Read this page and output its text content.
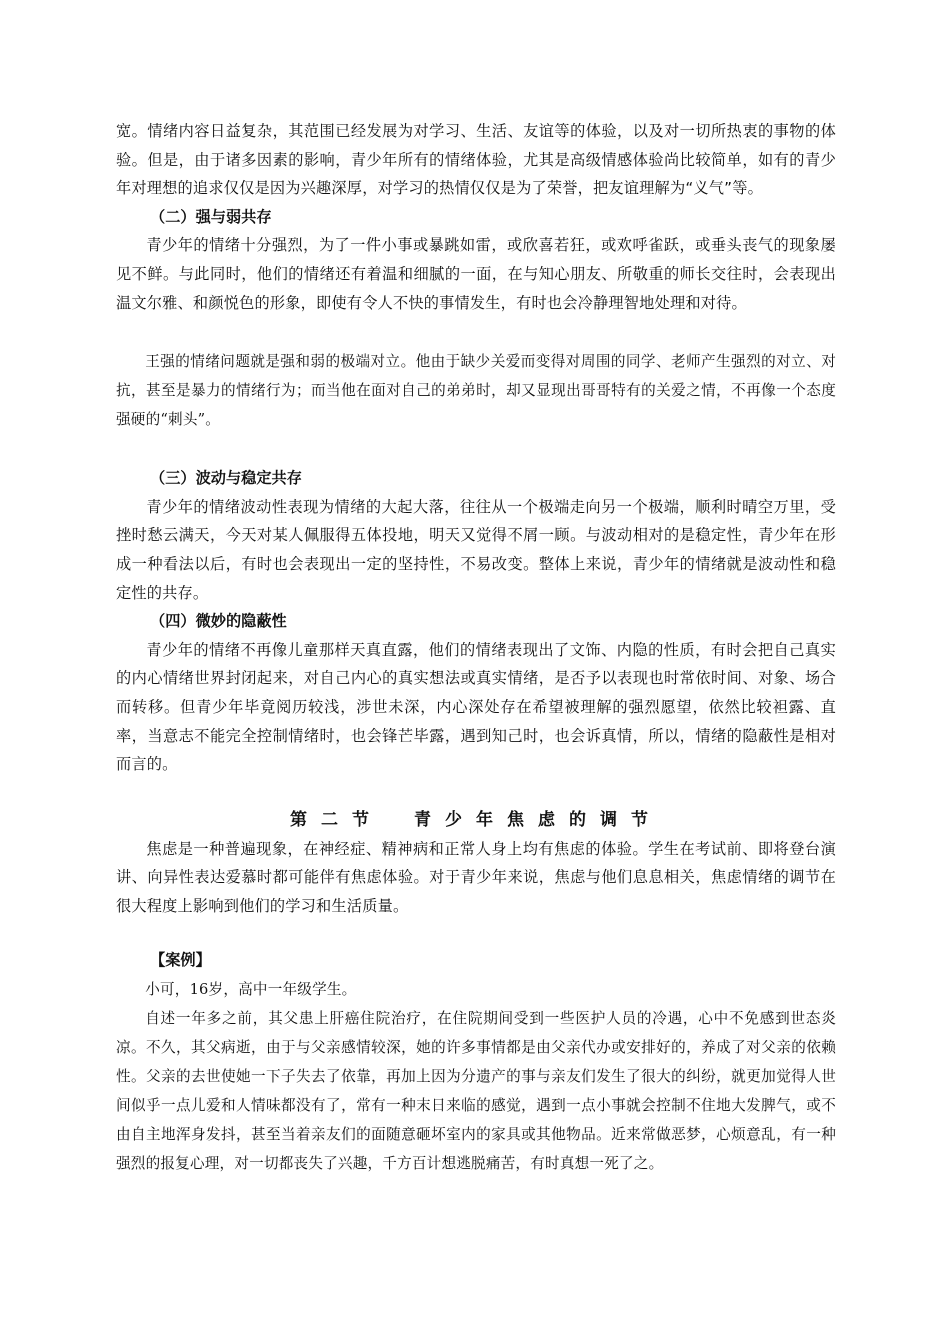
宽。情绪内容日益复杂，其范围已经发展为对学习、生活、友谊等的体验，以及对一切所热衷的事物的体验。但是，由于诸多因素的影响，青少年所有的情绪体验，尤其是高级情感体验尚比较简单，如有的青少年对理想的追求仅仅是因为兴趣深厚，对学习的热情仅仅是为了荣誉，把友谊理解为“义气”等。

（二）强与弱共存

青少年的情绪十分强烈，为了一件小事或暴跳如雷，或欣喜若狂，或欢呼雀跃，或垂头丧气的现象屡见不鲜。与此同时，他们的情绪还有着温和细腻的一面，在与知心朋友、所敬重的师长交往时，会表现出温文尔雅、和颜悦色的形象，即使有令人不快的事情发生，有时也会冷静理智地处理和对待。

王强的情绪问题就是强和弱的极端对立。他由于缺少关爱而变得对周围的同学、老师产生强烈的对立、对抗，甚至是暴力的情绪行为；而当他在面对自己的弟弟时，却又显现出哥哥特有的关爱之情，不再像一个态度强硬的“刺头”。

（三）波动与稳定共存

青少年的情绪波动性表现为情绪的大起大落，往往从一个极端走向另一个极端，顺利时晴空万里，受挫时愁云满天，今天对某人佩服得五体投地，明天又觉得不屑一顾。与波动相对的是稳定性，青少年在形成一种看法以后，有时也会表现出一定的坚持性，不易改变。整体上来说，青少年的情绪就是波动性和稳定性的共存。

（四）微妙的隐蔽性

青少年的情绪不再像儿童那样天真直露，他们的情绪表现出了文饰、内隐的性质，有时会把自己真实的内心情绪世界封闭起来，对自己内心的真实想法或真实情绪，是否予以表现也时常依时间、对象、场合而转移。但青少年毕竟阅历较浅，涉世未深，内心深处存在希望被理解的强烈愿望，依然比较袒露、直率，当意志不能完全控制情绪时，也会锋芒毕露，遇到知己时，也会诉真情，所以，情绪的隐蔽性是相对而言的。

第二节　青少年焦虑的调节

焦虑是一种普遍现象，在神经症、精神病和正常人身上均有焦虑的体验。学生在考试前、即将登台演讲、向异性表达爱慕时都可能伴有焦虑体验。对于青少年来说，焦虑与他们息息相关，焦虑情绪的调节在很大程度上影响到他们的学习和生活质量。

【案例】

小可，16岁，高中一年级学生。

自述一年多之前，其父患上肝癌住院治疗，在住院期间受到一些医护人员的冷遇，心中不免感到世态炎凉。不久，其父病逝，由于与父亲感情较深，她的许多事情都是由父亲代办或安排好的，养成了对父亲的依赖性。父亲的去世使她一下子失去了依靠，再加上因为分遗产的事与亲友们发生了很大的纠纷，就更加觉得人世间似乎一点儿爱和人情味都没有了，常有一种末日来临的感觉，遇到一点小事就会控制不住地大发脾气，或不由自主地浑身发抖，甚至当着亲友们的面随意砸坏室内的家具或其他物品。近来常做恶梦，心烦意乱，有一种强烈的报复心理，对一切都丧失了兴趣，千方百计想逃脱痛苦，有时真想一死了之。
